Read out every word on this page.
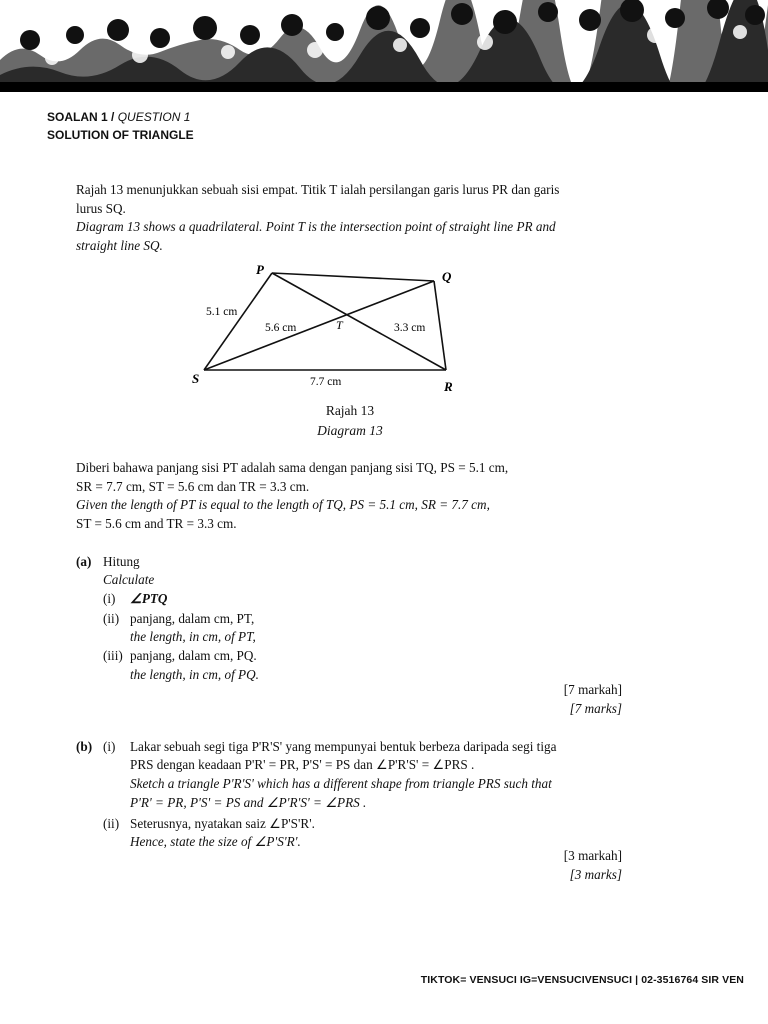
SOALAN 1 / QUESTION 1
SOLUTION OF TRIANGLE
Rajah 13 menunjukkan sebuah sisi empat. Titik T ialah persilangan garis lurus PR dan garis
lurus SQ.
Diagram 13 shows a quadrilateral. Point T is the intersection point of straight line PR and
straight line SQ.
P	Q
S
R
T
5.1 cm
5.6 cm	3.3 cm
7.7 cm
Rajah 13
Diagram 13
Diberi bahawa panjang sisi PT adalah sama dengan panjang sisi TQ, PS = 5.1 cm,
SR = 7.7 cm, ST = 5.6 cm dan TR = 3.3 cm.
Given the length of PT is equal to the length of TQ, PS = 5.1 cm, SR = 7.7 cm,
ST = 5.6 cm and TR = 3.3 cm.
(a) Hitung
Calculate
(i) ∠PTQ
(ii) panjang, dalam cm, PT,
the length, in cm, of PT,
(iii) panjang, dalam cm, PQ.
the length, in cm, of PQ.
[7 markah]
[7 marks]
(b) (i) Lakar sebuah segi tiga P'R'S' yang mempunyai bentuk berbeza daripada segi tiga
PRS dengan keadaan P'R' = PR, P'S' = PS dan ∠P'R'S' = ∠PRS .
Sketch a triangle P'R'S' which has a different shape from triangle PRS such that
P'R' = PR, P'S' = PS and ∠P'R'S' = ∠PRS .
(ii) Seterusnya, nyatakan saiz ∠P'S'R'.
Hence, state the size of ∠P'S'R'.
[3 markah]
[3 marks]
TIKTOK= VENSUCI IG=VENSUCIVENSUCI | 02-3516764 SIR VEN
